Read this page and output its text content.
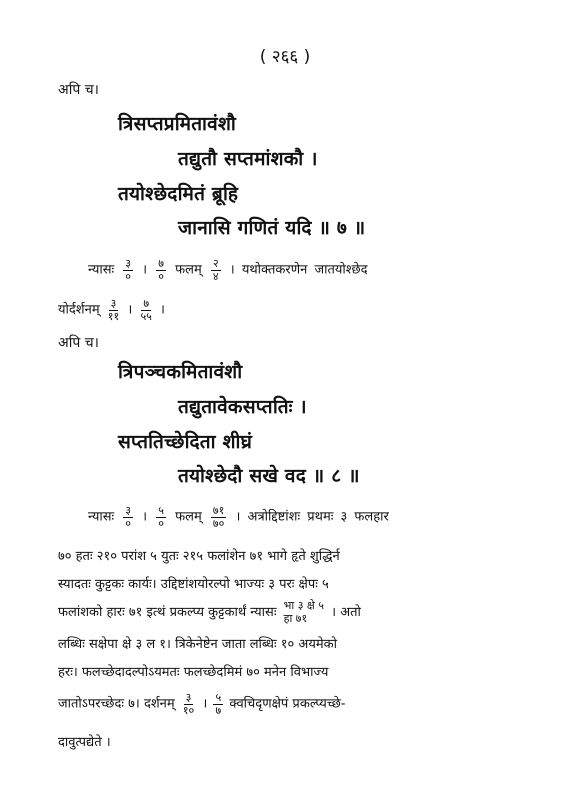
( २६६ )
अपि च।
त्रिसप्तप्रमितावंशौ
तद्युतौ सप्तमांशकौ ।
तयोश्छेदमितं ब्रूहि
जानासि गणितं यदि ॥ ७ ॥
न्यासः $\frac{३}{०}$ । $\frac{७}{०}$ फलम् $\frac{२}{४}$ । यथोक्तकरणेन जातयोश्छेद
योर्दर्शनम् $\frac{३}{११}$ । $\frac{७}{५५}$ ।
अपि च।
त्रिपञ्चकमितावंशौ
तद्युतावेकसप्ततिः ।
सप्ततिच्छेदिता शीघ्रं
तयोश्छेदौ सखे वद ॥ ८ ॥
न्यासः $\frac{३}{०}$ । $\frac{५}{०}$ फलम् $\frac{७१}{७०}$ । अत्रोद्दिष्टांशः प्रथमः ३ फलहार
७० हतः २१० परांश ५ युतः २१५ फलांशेन ७१ भागे हृते शुद्धिर्न
स्यादतः कुट्टकः कार्यः। उद्दिष्टांशयोरल्पो भाज्यः ३ परः क्षेपः ५
फलांशको हारः ७१ इत्थं प्रकल्प्य कुट्टकार्थं न्यासः भा ३ क्षे ५
हा ७१	। अतो
लब्धिः सक्षेपा क्षे ३ ल १। त्रिकेनेष्टेन जाता लब्धिः १० अयमेको
हरः। फलच्छेदादल्पोऽयमतः फलच्छेदमिमं ७० मनेन विभाज्य
जातोऽपरच्छेदः ७। दर्शनम् $\frac{३}{१०}$ । $\frac{५}{७}$ क्वचिदृणक्षेपं प्रकल्प्यच्छे-
दावुत्पद्येते ।
